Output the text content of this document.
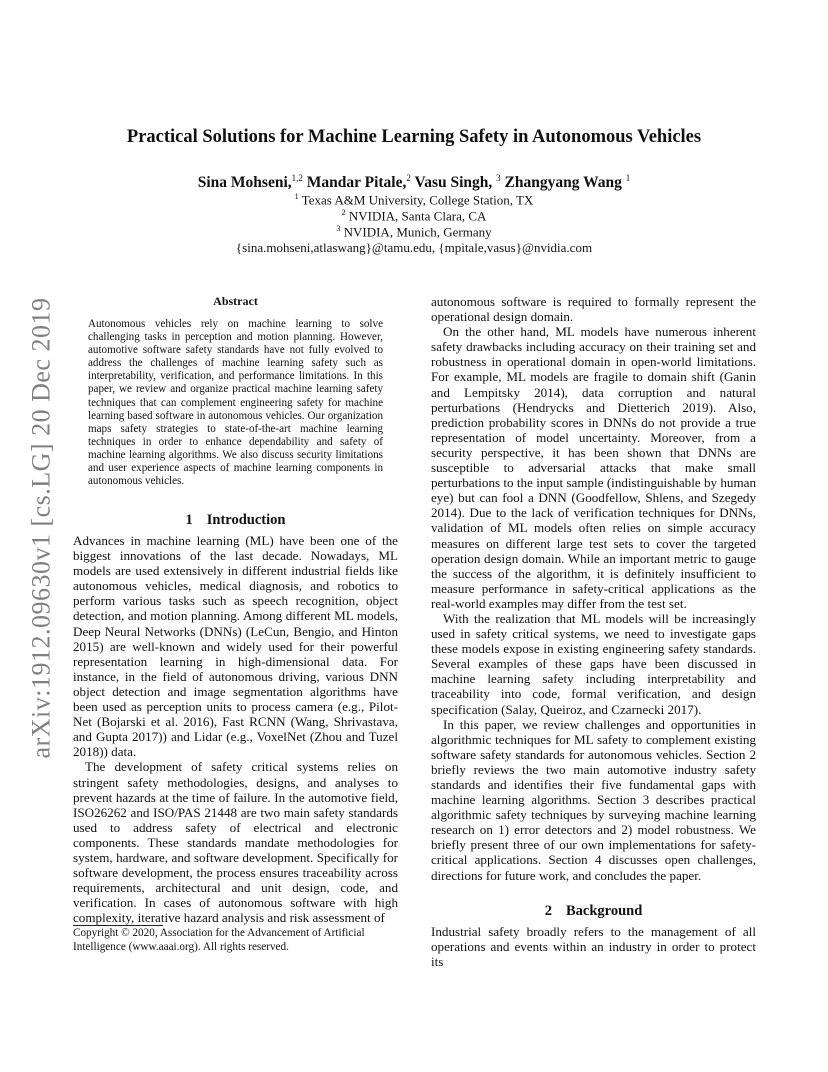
arXiv:1912.09630v1 [cs.LG] 20 Dec 2019
Practical Solutions for Machine Learning Safety in Autonomous Vehicles
Sina Mohseni,$^{1,2}$ Mandar Pitale,$^2$ Vasu Singh, $^3$ Zhangyang Wang $^1$
$^1$ Texas A&M University, College Station, TX
$^2$ NVIDIA, Santa Clara, CA
$^3$ NVIDIA, Munich, Germany
{sina.mohseni,atlaswang}@tamu.edu, {mpitale,vasus}@nvidia.com
Abstract

Autonomous vehicles rely on machine learning to solve challenging tasks in perception and motion planning. However, automotive software safety standards have not fully evolved to address the challenges of machine learning safety such as interpretability, verification, and performance limitations. In this paper, we review and organize practical machine learning safety techniques that can complement engineering safety for machine learning based software in autonomous vehicles. Our organization maps safety strategies to state-of-the-art machine learning techniques in order to enhance dependability and safety of machine learning algorithms. We also discuss security limitations and user experience aspects of machine learning components in autonomous vehicles.

1 Introduction

Advances in machine learning (ML) have been one of the biggest innovations of the last decade. Nowadays, ML models are used extensively in different industrial fields like autonomous vehicles, medical diagnosis, and robotics to perform various tasks such as speech recognition, object detection, and motion planning. Among different ML models, Deep Neural Networks (DNNs) (LeCun, Bengio, and Hinton 2015) are well-known and widely used for their powerful representation learning in high-dimensional data. For instance, in the field of autonomous driving, various DNN object detection and image segmentation algorithms have been used as perception units to process camera (e.g., Pilot-Net (Bojarski et al. 2016), Fast RCNN (Wang, Shrivastava, and Gupta 2017)) and Lidar (e.g., VoxelNet (Zhou and Tuzel 2018)) data.

The development of safety critical systems relies on stringent safety methodologies, designs, and analyses to prevent hazards at the time of failure. In the automotive field, ISO26262 and ISO/PAS 21448 are two main safety standards used to address safety of electrical and electronic components. These standards mandate methodologies for system, hardware, and software development. Specifically for software development, the process ensures traceability across requirements, architectural and unit design, code, and verification. In cases of autonomous software with high complexity, iterative hazard analysis and risk assessment of

Copyright © 2020, Association for the Advancement of Artificial Intelligence (www.aaai.org). All rights reserved.

autonomous software is required to formally represent the operational design domain.

On the other hand, ML models have numerous inherent safety drawbacks including accuracy on their training set and robustness in operational domain in open-world limitations. For example, ML models are fragile to domain shift (Ganin and Lempitsky 2014), data corruption and natural perturbations (Hendrycks and Dietterich 2019). Also, prediction probability scores in DNNs do not provide a true representation of model uncertainty. Moreover, from a security perspective, it has been shown that DNNs are susceptible to adversarial attacks that make small perturbations to the input sample (indistinguishable by human eye) but can fool a DNN (Goodfellow, Shlens, and Szegedy 2014). Due to the lack of verification techniques for DNNs, validation of ML models often relies on simple accuracy measures on different large test sets to cover the targeted operation design domain. While an important metric to gauge the success of the algorithm, it is definitely insufficient to measure performance in safety-critical applications as the real-world examples may differ from the test set.

With the realization that ML models will be increasingly used in safety critical systems, we need to investigate gaps these models expose in existing engineering safety standards. Several examples of these gaps have been discussed in machine learning safety including interpretability and traceability into code, formal verification, and design specification (Salay, Queiroz, and Czarnecki 2017).

In this paper, we review challenges and opportunities in algorithmic techniques for ML safety to complement existing software safety standards for autonomous vehicles. Section 2 briefly reviews the two main automotive industry safety standards and identifies their five fundamental gaps with machine learning algorithms. Section 3 describes practical algorithmic safety techniques by surveying machine learning research on 1) error detectors and 2) model robustness. We briefly present three of our own implementations for safety-critical applications. Section 4 discusses open challenges, directions for future work, and concludes the paper.

2 Background

Industrial safety broadly refers to the management of all operations and events within an industry in order to protect its
